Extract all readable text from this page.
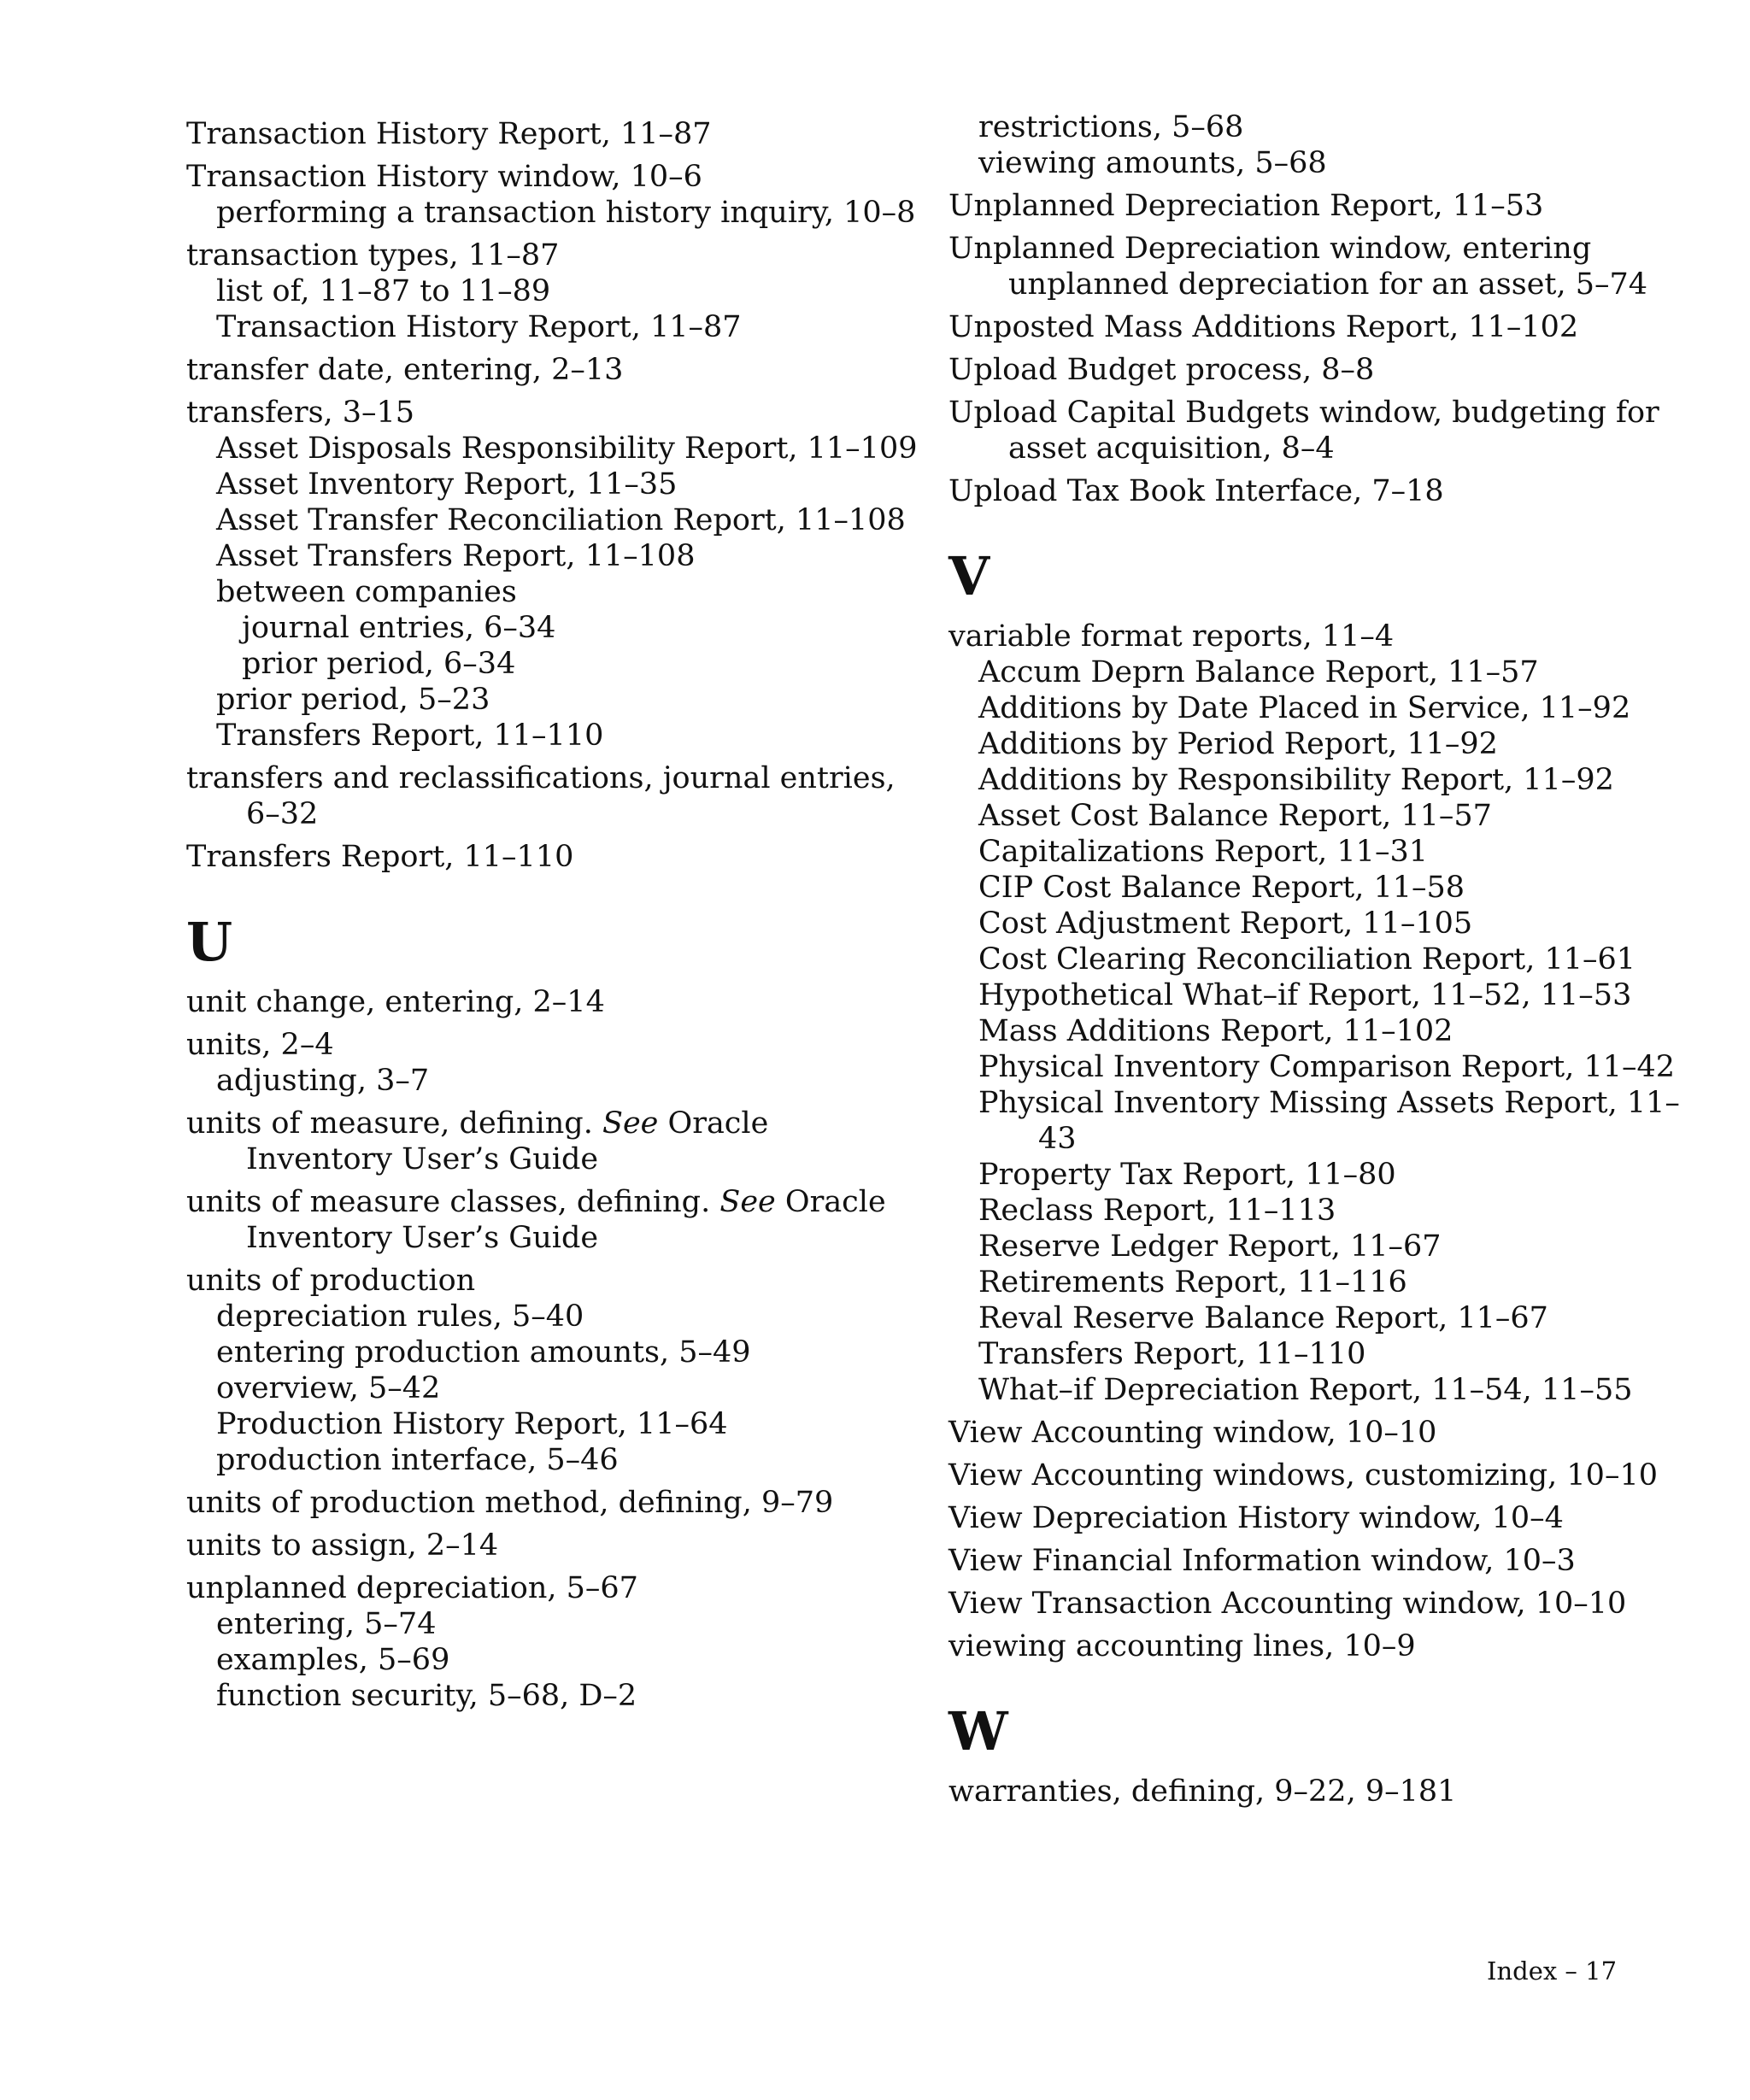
Transaction History Report, 11–87
Transaction History window, 10–6
performing a transaction history inquiry, 10–8
transaction types, 11–87
list of, 11–87 to 11–89
Transaction History Report, 11–87
transfer date, entering, 2–13
transfers, 3–15
Asset Disposals Responsibility Report, 11–109
Asset Inventory Report, 11–35
Asset Transfer Reconciliation Report, 11–108
Asset Transfers Report, 11–108
between companies
journal entries, 6–34
prior period, 6–34
prior period, 5–23
Transfers Report, 11–110
transfers and reclassifications, journal entries, 6–32
Transfers Report, 11–110
U
unit change, entering, 2–14
units, 2–4
adjusting, 3–7
units of measure, defining. See Oracle Inventory User’s Guide
units of measure classes, defining. See Oracle Inventory User’s Guide
units of production
depreciation rules, 5–40
entering production amounts, 5–49
overview, 5–42
Production History Report, 11–64
production interface, 5–46
units of production method, defining, 9–79
units to assign, 2–14
unplanned depreciation, 5–67
entering, 5–74
examples, 5–69
function security, 5–68, D–2
restrictions, 5–68
viewing amounts, 5–68
Unplanned Depreciation Report, 11–53
Unplanned Depreciation window, entering unplanned depreciation for an asset, 5–74
Unposted Mass Additions Report, 11–102
Upload Budget process, 8–8
Upload Capital Budgets window, budgeting for asset acquisition, 8–4
Upload Tax Book Interface, 7–18
V
variable format reports, 11–4
Accum Deprn Balance Report, 11–57
Additions by Date Placed in Service, 11–92
Additions by Period Report, 11–92
Additions by Responsibility Report, 11–92
Asset Cost Balance Report, 11–57
Capitalizations Report, 11–31
CIP Cost Balance Report, 11–58
Cost Adjustment Report, 11–105
Cost Clearing Reconciliation Report, 11–61
Hypothetical What–if Report, 11–52, 11–53
Mass Additions Report, 11–102
Physical Inventory Comparison Report, 11–42
Physical Inventory Missing Assets Report, 11–43
Property Tax Report, 11–80
Reclass Report, 11–113
Reserve Ledger Report, 11–67
Retirements Report, 11–116
Reval Reserve Balance Report, 11–67
Transfers Report, 11–110
What–if Depreciation Report, 11–54, 11–55
View Accounting window, 10–10
View Accounting windows, customizing, 10–10
View Depreciation History window, 10–4
View Financial Information window, 10–3
View Transaction Accounting window, 10–10
viewing accounting lines, 10–9
W
warranties, defining, 9–22, 9–181
Index – 17
